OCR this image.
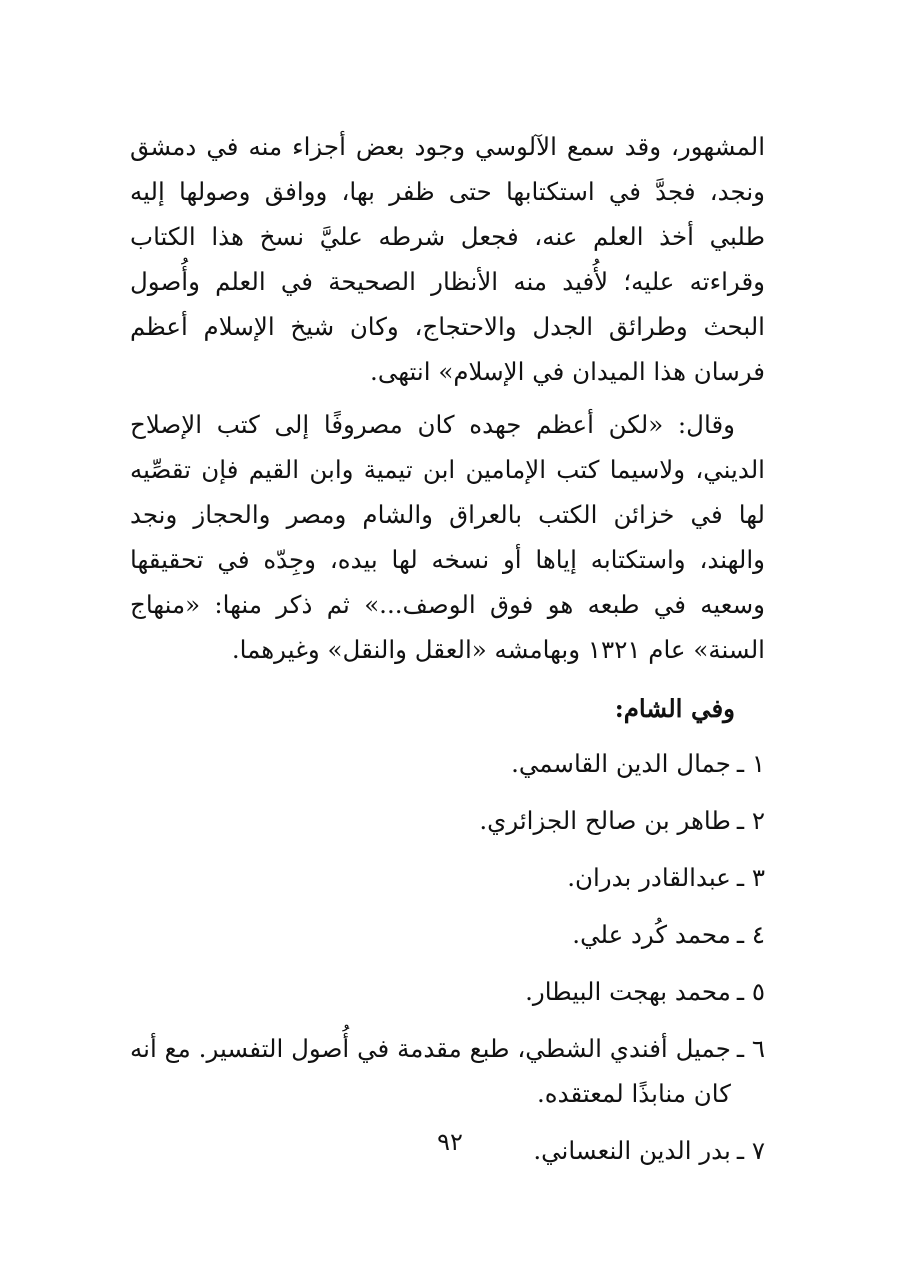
المشهور، وقد سمع الآلوسي وجود بعض أجزاء منه في دمشق ونجد، فجدَّ في استكتابها حتى ظفر بها، ووافق وصولها إليه طلبي أخذ العلم عنه، فجعل شرطه عليَّ نسخ هذا الكتاب وقراءته عليه؛ لأُفيد منه الأنظار الصحيحة في العلم وأُصول البحث وطرائق الجدل والاحتجاج، وكان شيخ الإسلام أعظم فرسان هذا الميدان في الإسلام» انتهى.

وقال: «لكن أعظم جهده كان مصروفًا إلى كتب الإصلاح الديني، ولاسيما كتب الإمامين ابن تيمية وابن القيم فإن تقصِّيه لها في خزائن الكتب بالعراق والشام ومصر والحجاز ونجد والهند، واستكتابه إياها أو نسخه لها بيده، وجِدّه في تحقيقها وسعيه في طبعه هو فوق الوصف...» ثم ذكر منها: «منهاج السنة» عام ١٣٢١ وبهامشه «العقل والنقل» وغيرهما.

وفي الشام:
١ ـ
جمال الدين القاسمي.
٢ ـ
طاهر بن صالح الجزائري.
٣ ـ
عبدالقادر بدران.
٤ ـ
محمد كُرد علي.
٥ ـ
محمد بهجت البيطار.
٦ ـ
جميل أفندي الشطي، طبع مقدمة في أُصول التفسير. مع أنه كان منابذًا لمعتقده.
٧ ـ
بدر الدين النعساني.
٩٢
